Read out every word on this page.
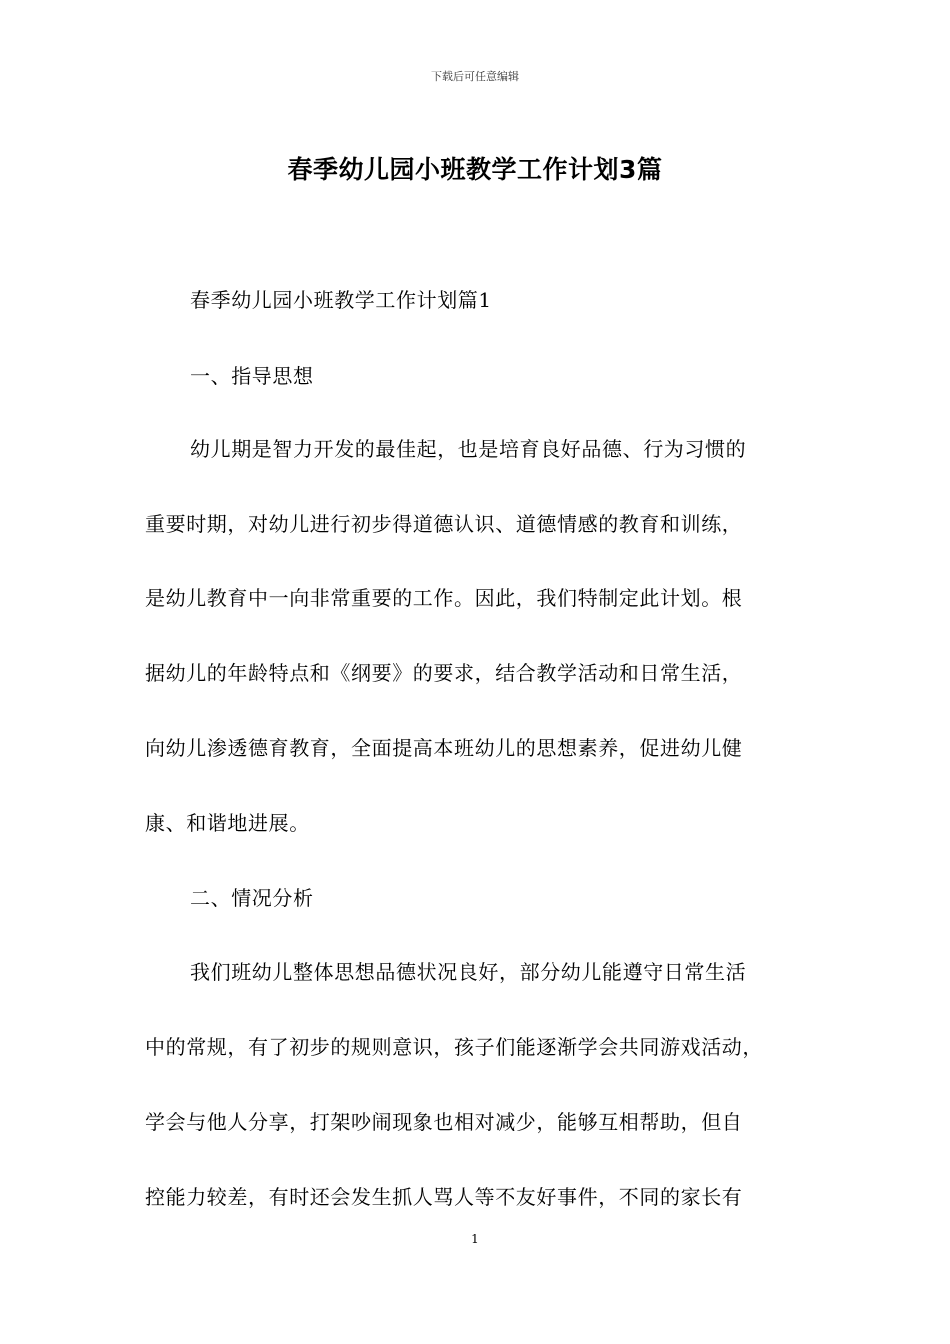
下载后可任意编辑
春季幼儿园小班教学工作计划3篇
春季幼儿园小班教学工作计划篇1
一、指导思想
幼儿期是智力开发的最佳起，也是培育良好品德、行为习惯的
重要时期，对幼儿进行初步得道德认识、道德情感的教育和训练，
是幼儿教育中一向非常重要的工作。因此，我们特制定此计划。根
据幼儿的年龄特点和《纲要》的要求，结合教学活动和日常生活，
向幼儿渗透德育教育，全面提高本班幼儿的思想素养，促进幼儿健
康、和谐地进展。
二、情况分析
我们班幼儿整体思想品德状况良好，部分幼儿能遵守日常生活
中的常规，有了初步的规则意识，孩子们能逐渐学会共同游戏活动，
学会与他人分享，打架吵闹现象也相对减少，能够互相帮助，但自
控能力较差，有时还会发生抓人骂人等不友好事件，不同的家长有
1
